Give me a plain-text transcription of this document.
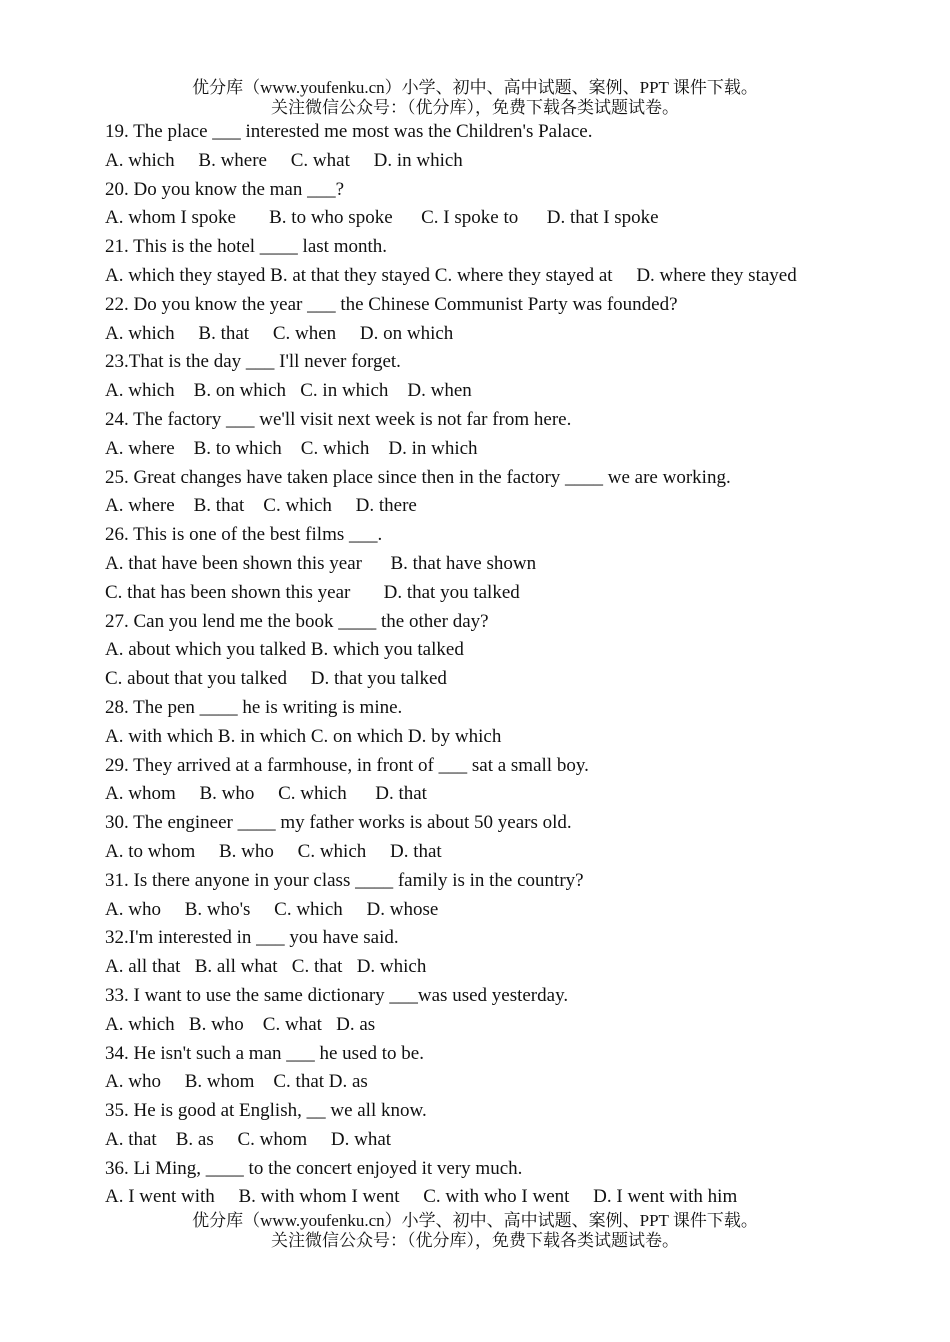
优分库（www.youfenku.cn）小学、初中、高中试题、案例、PPT 课件下载。
关注微信公众号：（优分库），免费下载各类试题试卷。
19. The place ___ interested me most was the Children's Palace.
A. which     B. where     C. what     D. in which
20. Do you know the man ___?
A. whom I spoke       B. to who spoke      C. I spoke to      D. that I spoke
21. This is the hotel ____ last month.
A. which they stayed B. at that they stayed C. where they stayed at     D. where they stayed
22. Do you know the year ___ the Chinese Communist Party was founded?
A. which     B. that     C. when     D. on which
23.That is the day ___ I'll never forget.
A. which    B. on which   C. in which    D. when
24. The factory ___ we'll visit next week is not far from here.
A. where    B. to which    C. which    D. in which
25. Great changes have taken place since then in the factory ____ we are working.
A. where    B. that    C. which     D. there
26. This is one of the best films ___.
A. that have been shown this year      B. that have shown
C. that has been shown this year       D. that you talked
27. Can you lend me the book ____ the other day?
A. about which you talked B. which you talked
C. about that you talked     D. that you talked
28. The pen ____ he is writing is mine.
A. with which B. in which C. on which D. by which
29. They arrived at a farmhouse, in front of ___ sat a small boy.
A. whom     B. who     C. which      D. that
30. The engineer ____ my father works is about 50 years old.
A. to whom     B. who     C. which     D. that
31. Is there anyone in your class ____ family is in the country?
A. who     B. who's     C. which     D. whose
32.I'm interested in ___ you have said.
A. all that   B. all what   C. that   D. which
33. I want to use the same dictionary ___was used yesterday.
A. which   B. who    C. what   D. as
34. He isn't such a man ___ he used to be.
A. who     B. whom    C. that D. as
35. He is good at English, __ we all know.
A. that    B. as     C. whom     D. what
36. Li Ming, ____ to the concert enjoyed it very much.
A. I went with     B. with whom I went     C. with who I went     D. I went with him
优分库（www.youfenku.cn）小学、初中、高中试题、案例、PPT 课件下载。
关注微信公众号：（优分库），免费下载各类试题试卷。
